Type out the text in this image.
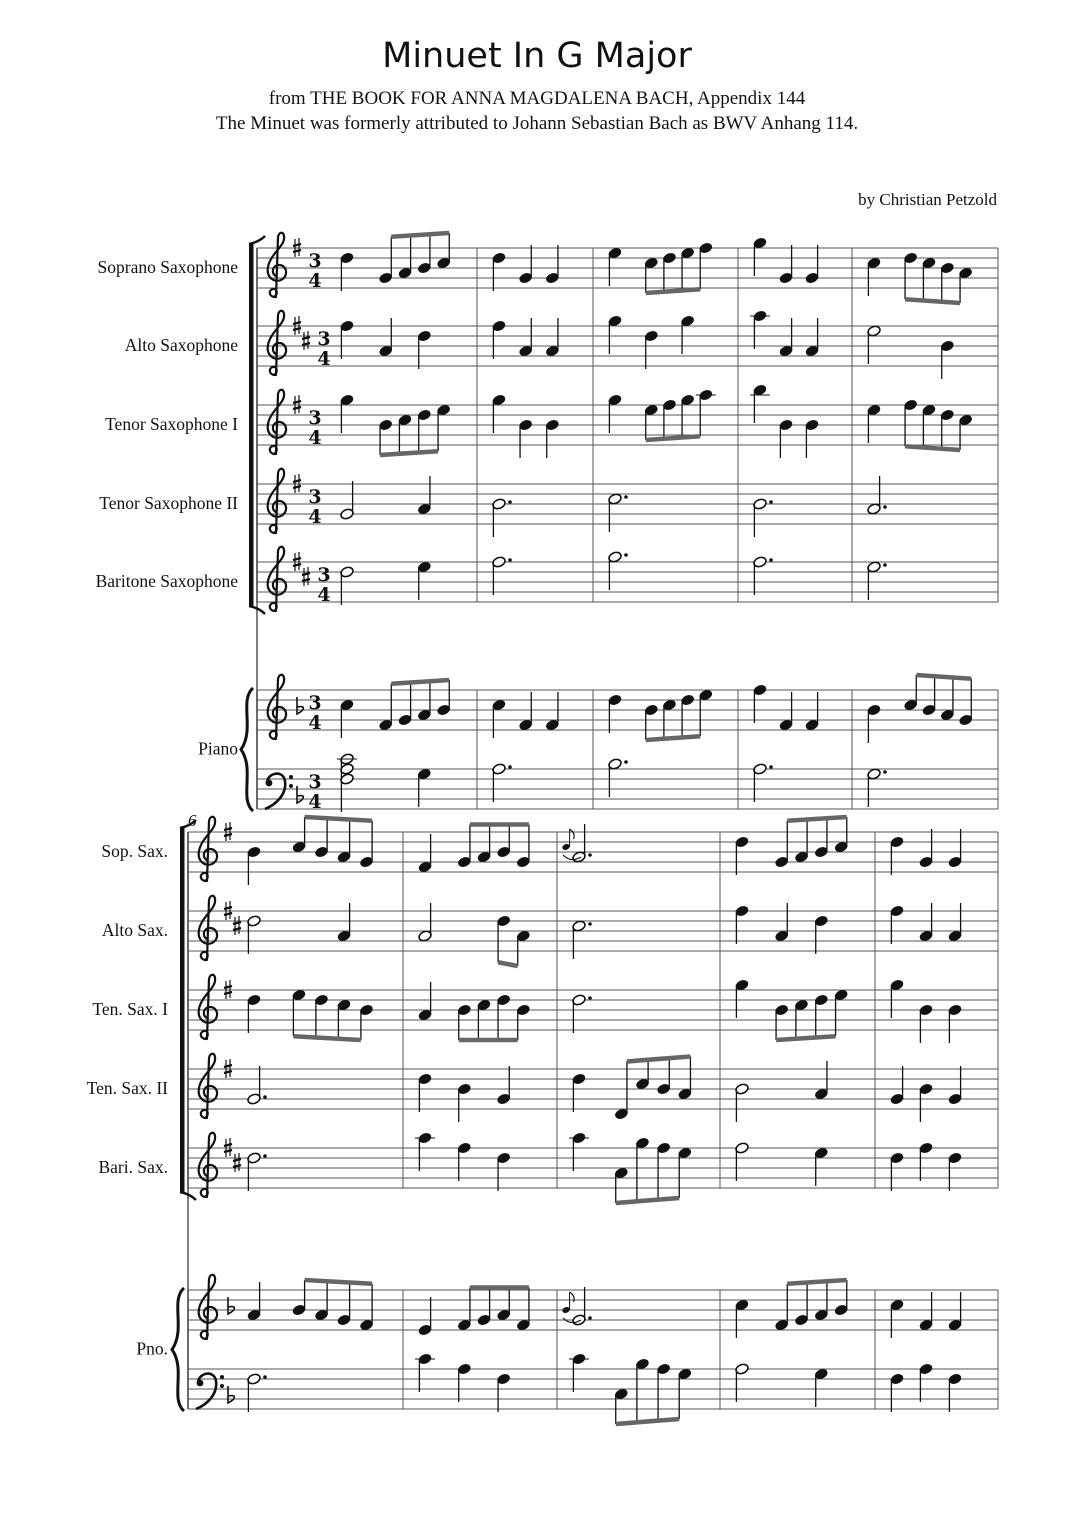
Minuet In G Major
from THE BOOK FOR ANNA MAGDALENA BACH, Appendix 144
The Minuet was formerly attributed to Johann Sebastian Bach as BWV Anhang 114.
by Christian Petzold
Soprano Saxophone
Alto Saxophone
Tenor Saxophone I
Tenor Saxophone II
Baritone Saxophone
Piano
3
4
3
4
3
4
3
4
3
4
3
4
3
4
Sop. Sax.
Alto Sax.
Ten. Sax. I
Ten. Sax. II
Bari. Sax.
Pno.
6
